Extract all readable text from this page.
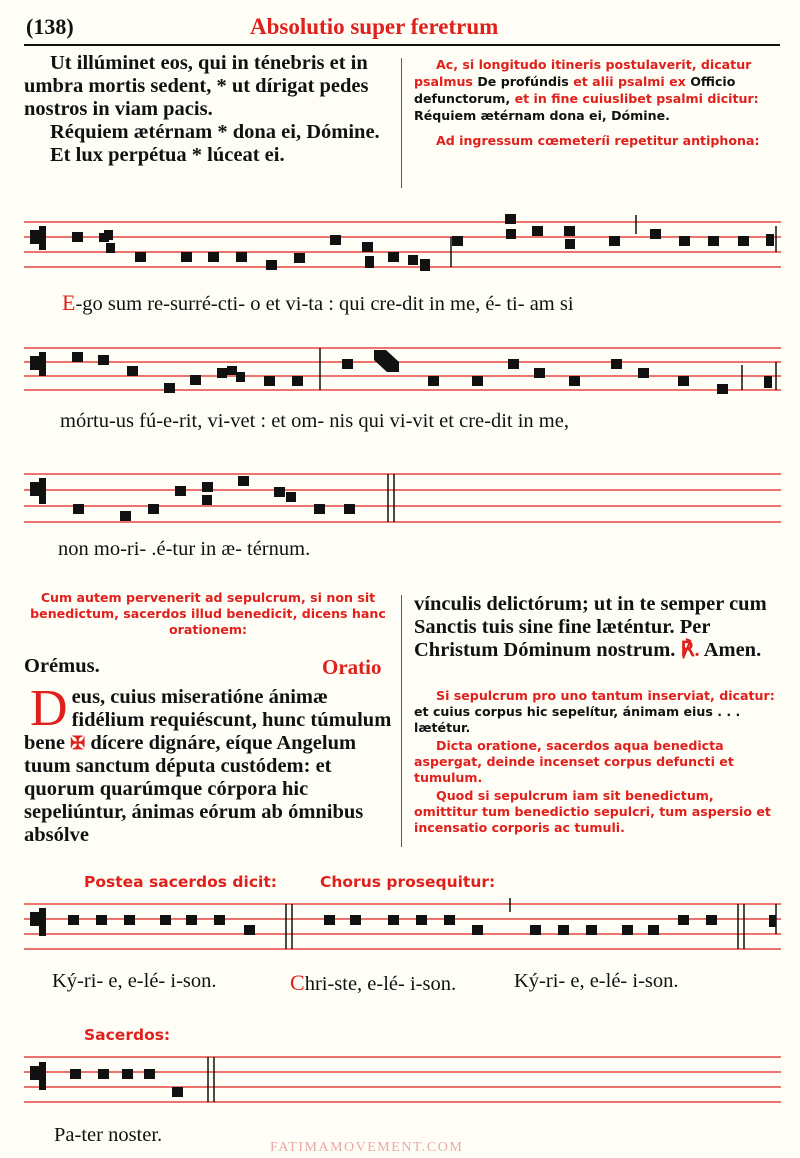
(138)	Absolutio super feretrum

Ut illúminet eos, qui in ténebris et in umbra mortis sedent, * ut dírigat pedes nostros in viam pacis.

Réquiem ætérnam * dona ei, Dómine.

Et lux perpétua * lúceat ei.

Ac, si longitudo itineris postulaverit, dicatur psalmus De profúndis et alii psalmi ex Officio defunctorum, et in fine cuiuslibet psalmi dicitur: Réquiem ætérnam dona ei, Dómine.

Ad ingressum cœmeteríi repetitur antiphona:

E-go sum re-surré-cti- o et vi-ta : qui cre-dit in me, é- ti- am si
mórtu-us fú-e-rit, vi-vet : et om- nis qui vi-vit et cre-dit in me,
non mo-ri- .é-tur in æ- térnum.
Cum autem pervenerit ad sepulcrum, si non sit benedictum, sacerdos illud benedicit, dicens hanc orationem:
Orémus.	Oratio
Deus, cuius miseratióne ánimæ fidélium requiéscunt, hunc túmulum bene ✠ dícere dignáre, eíque Angelum tuum sanctum députa custódem: et quorum quarúmque córpora hic sepeliúntur, ánimas eórum ab ómnibus absólve
vínculis delictórum; ut in te semper cum Sanctis tuis sine fine læténtur. Per Christum Dóminum nostrum. ℟. Amen.

Si sepulcrum pro uno tantum inserviat, dicatur: et cuius corpus hic sepelítur, ánimam eius . . . lætétur.

Dicta oratione, sacerdos aqua benedicta aspergat, deinde incenset corpus defuncti et tumulum.

Quod si sepulcrum iam sit benedictum, omittitur tum benedictio sepulcri, tum aspersio et incensatio corporis ac tumuli.

Postea sacerdos dicit:	Chorus prosequitur:
Ký-ri- e, e-lé- i-son.	Chri-ste, e-lé- i-son.	Ký-ri- e, e-lé- i-son.
Sacerdos:
Pa-ter noster.
FATIMAMOVEMENT.COM
